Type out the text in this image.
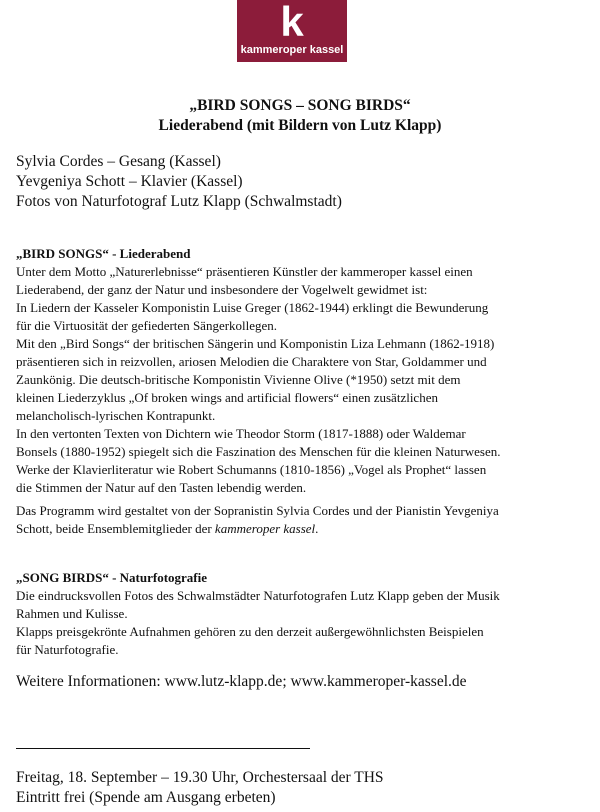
k
kammeroper kassel
„BIRD SONGS – SONG BIRDS“
Liederabend (mit Bildern von Lutz Klapp)
Sylvia Cordes – Gesang (Kassel)
Yevgeniya Schott – Klavier (Kassel)
Fotos von Naturfotograf Lutz Klapp (Schwalmstadt)
„BIRD SONGS“ - Liederabend
Unter dem Motto „Naturerlebnisse“ präsentieren Künstler der kammeroper kassel einen
Liederabend, der ganz der Natur und insbesondere der Vogelwelt gewidmet ist:
In Liedern der Kasseler Komponistin Luise Greger (1862-1944) erklingt die Bewunderung
für die Virtuosität der gefiederten Sängerkollegen.
Mit den „Bird Songs“ der britischen Sängerin und Komponistin Liza Lehmann (1862-1918)
präsentieren sich in reizvollen, ariosen Melodien die Charaktere von Star, Goldammer und
Zaunkönig. Die deutsch-britische Komponistin Vivienne Olive (*1950) setzt mit dem
kleinen Liederzyklus „Of broken wings and artificial flowers“ einen zusätzlichen
melancholisch-lyrischen Kontrapunkt.
In den vertonten Texten von Dichtern wie Theodor Storm (1817-1888) oder Waldemar
Bonsels (1880-1952) spiegelt sich die Faszination des Menschen für die kleinen Naturwesen.
Werke der Klavierliteratur wie Robert Schumanns (1810-1856) „Vogel als Prophet“ lassen
die Stimmen der Natur auf den Tasten lebendig werden.
Das Programm wird gestaltet von der Sopranistin Sylvia Cordes und der Pianistin Yevgeniya
Schott, beide Ensemblemitglieder der kammeroper kassel.
„SONG BIRDS“ - Naturfotografie
Die eindrucksvollen Fotos des Schwalmstädter Naturfotografen Lutz Klapp geben der Musik
Rahmen und Kulisse.
Klapps preisgekrönte Aufnahmen gehören zu den derzeit außergewöhnlichsten Beispielen
für Naturfotografie.
Weitere Informationen: www.lutz-klapp.de; www.kammeroper-kassel.de
Freitag, 18. September – 19.30 Uhr, Orchestersaal der THS
Eintritt frei (Spende am Ausgang erbeten)
